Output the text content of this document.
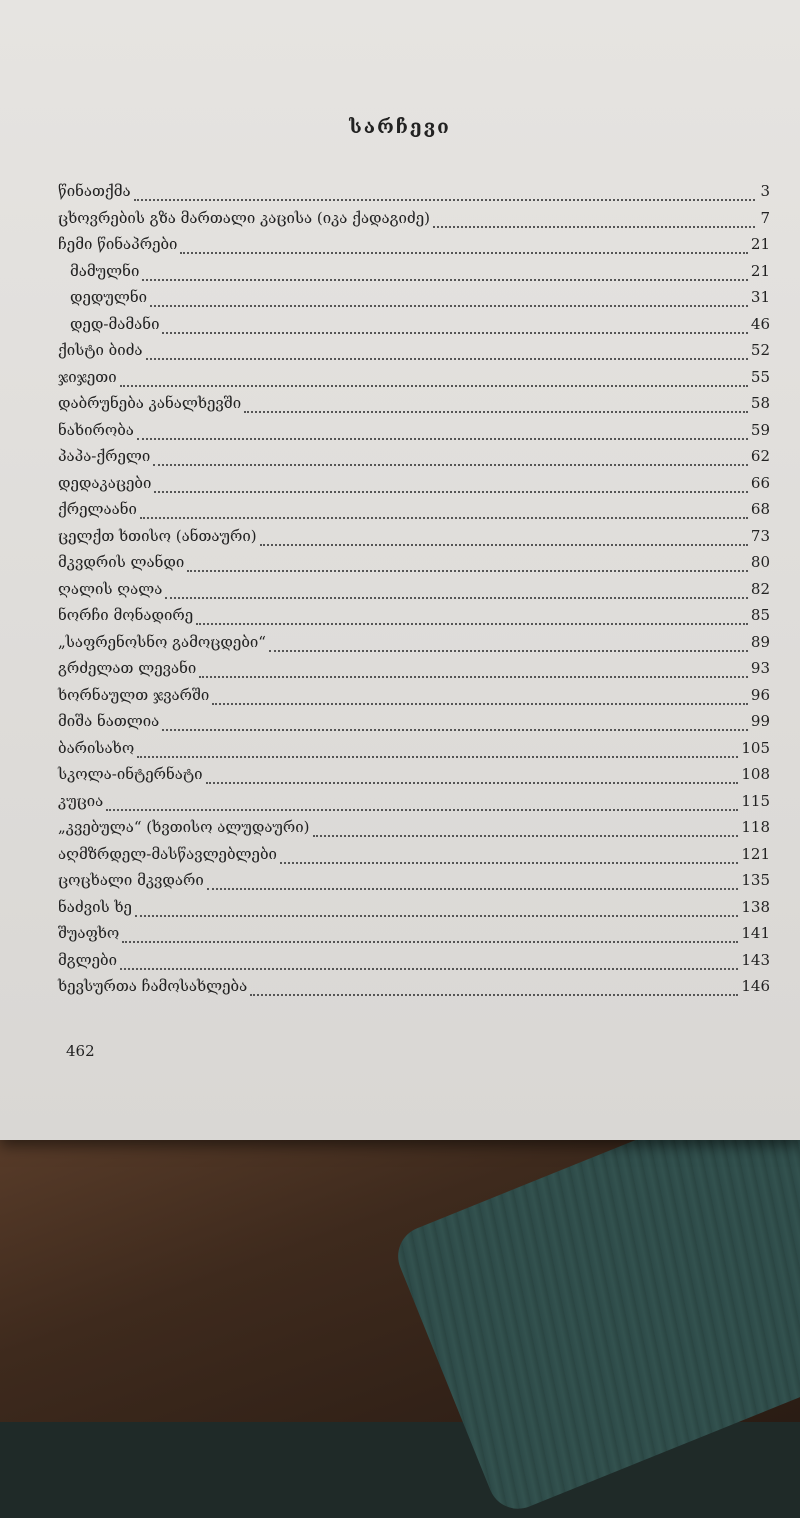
სარჩევი
წინათქმა	3
ცხოვრების გზა მართალი კაცისა (იკა ქადაგიძე)	7
ჩემი წინაპრები	21
მამულნი	21
დედულნი	31
დედ-მამანი	46
ქისტი ბიძა	52
ჯიჯეთი	55
დაბრუნება კანალხევში	58
ნახირობა	59
პაპა-ქრელი	62
დედაკაცები	66
ქრელაანი	68
ცელქთ ხთისო (ანთაური)	73
მკვდრის ლანდი	80
ღალის ღალა	82
ნორჩი მონადირე	85
„საფრენოსნო გამოცდები“	89
გრძელათ ლევანი	93
ხორნაულთ ჯვარში	96
მიშა ნათლია	99
ბარისახო	105
სკოლა-ინტერნატი	108
კუცია	115
„კვებულა“ (ხვთისო ალუდაური)	118
აღმზრდელ-მასწავლებლები	121
ცოცხალი მკვდარი	135
ნაძვის ხე	138
შუაფხო	141
მგლები	143
ხევსურთა ჩამოსახლება	146
462
